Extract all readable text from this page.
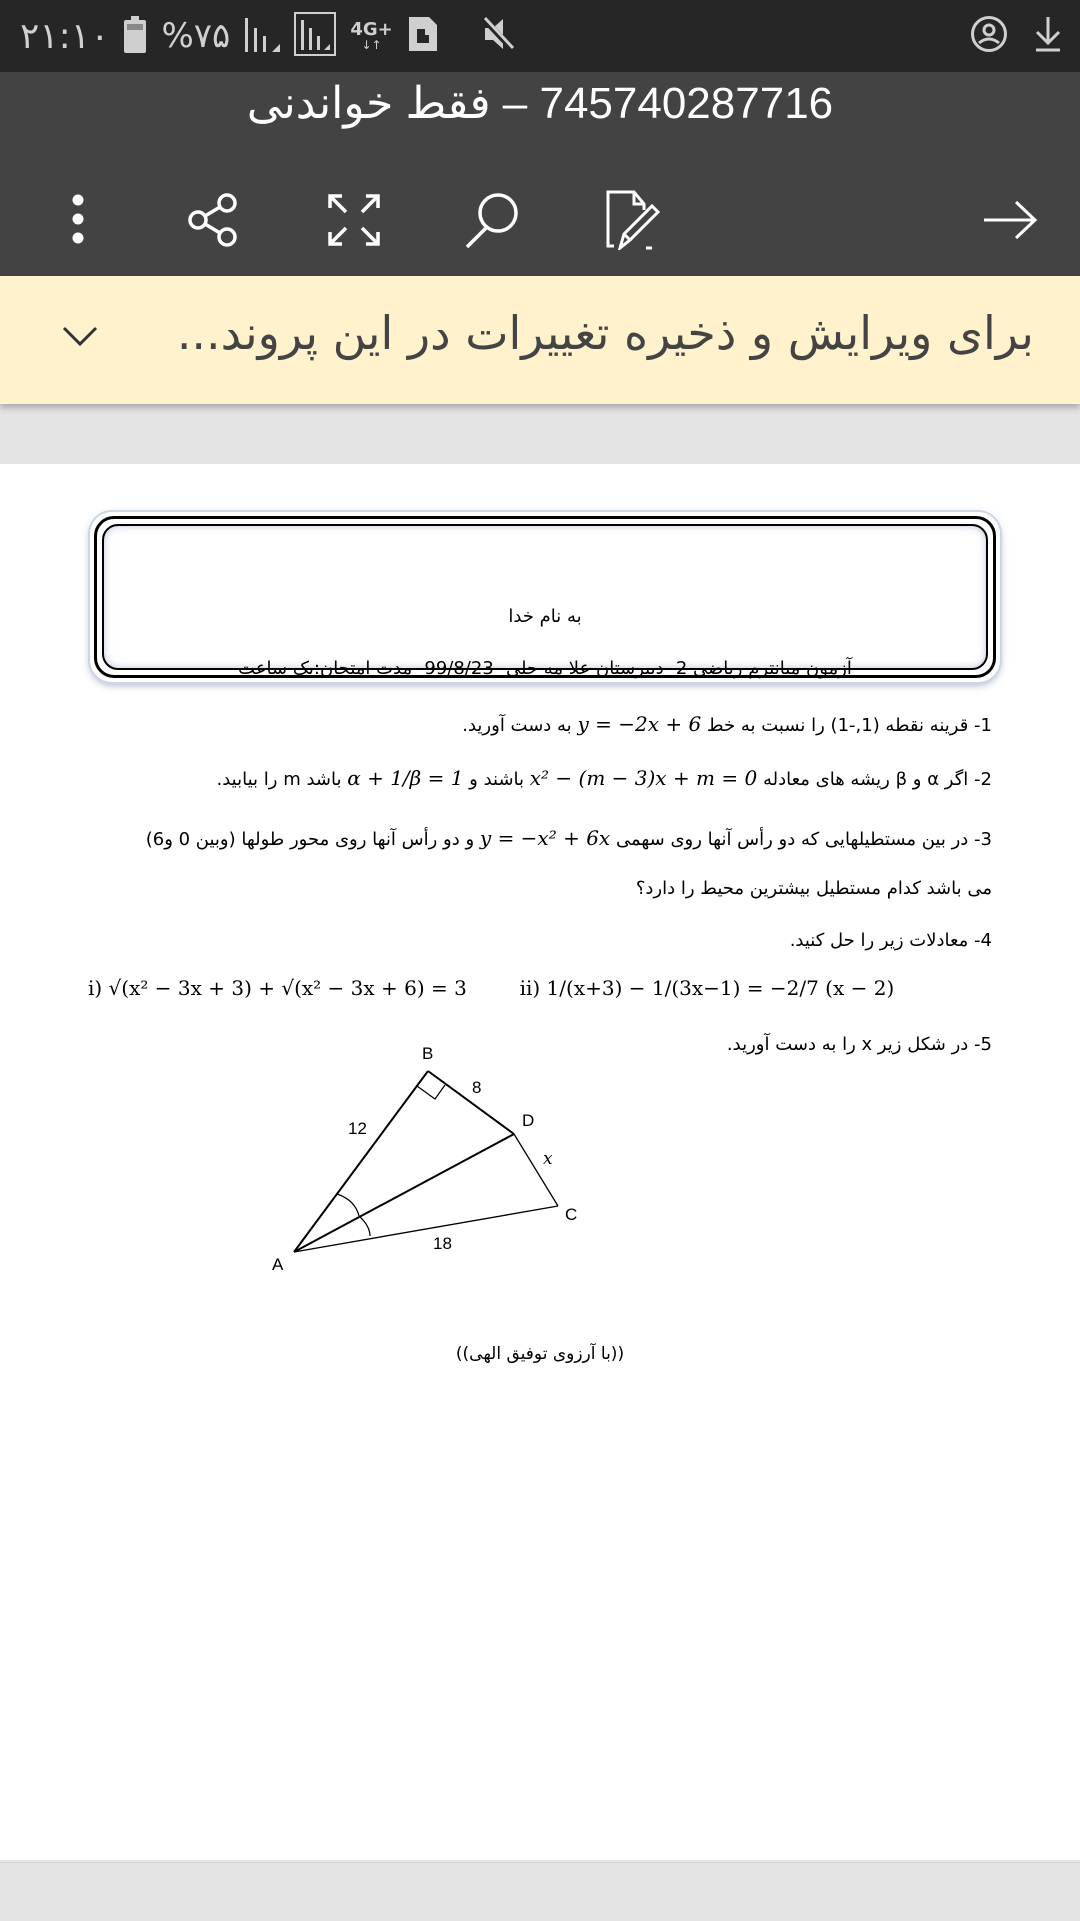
۲۱:۱۰ %۷۵	4G+
↓↑
745740287716 – فقط خواندنی
برای ویرایش و ذخیره تغییرات در این پروند...
به نام خدا
آزمون میانترم ریاضی 2- دبیرستان علا مه حلی- 99/8/23- مدت امتحان:یک ساعت
1- قرینه نقطه (1,-1) را نسبت به خط y = −2x + 6 به دست آورید.
2- اگر α و β ریشه های معادله x² − (m − 3)x + m = 0 باشند و α + 1/β = 1 باشد m را بیابید.
3- در بین مستطیلهایی که دو رأس آنها روی سهمی y = −x² + 6x و دو رأس آنها روی محور طولها (وبین 0 و6)
می باشد کدام مستطیل بیشترین محیط را دارد؟
4- معادلات زیر را حل کنید.
i) √(x² − 3x + 3) + √(x² − 3x + 6) = 3	ii) 1/(x+3) − 1/(3x−1) = −2/7 (x − 2)
5- در شکل زیر x را به دست آورید.
B
8
D
x
C
12
18
A
((با آرزوی توفیق الهی))
